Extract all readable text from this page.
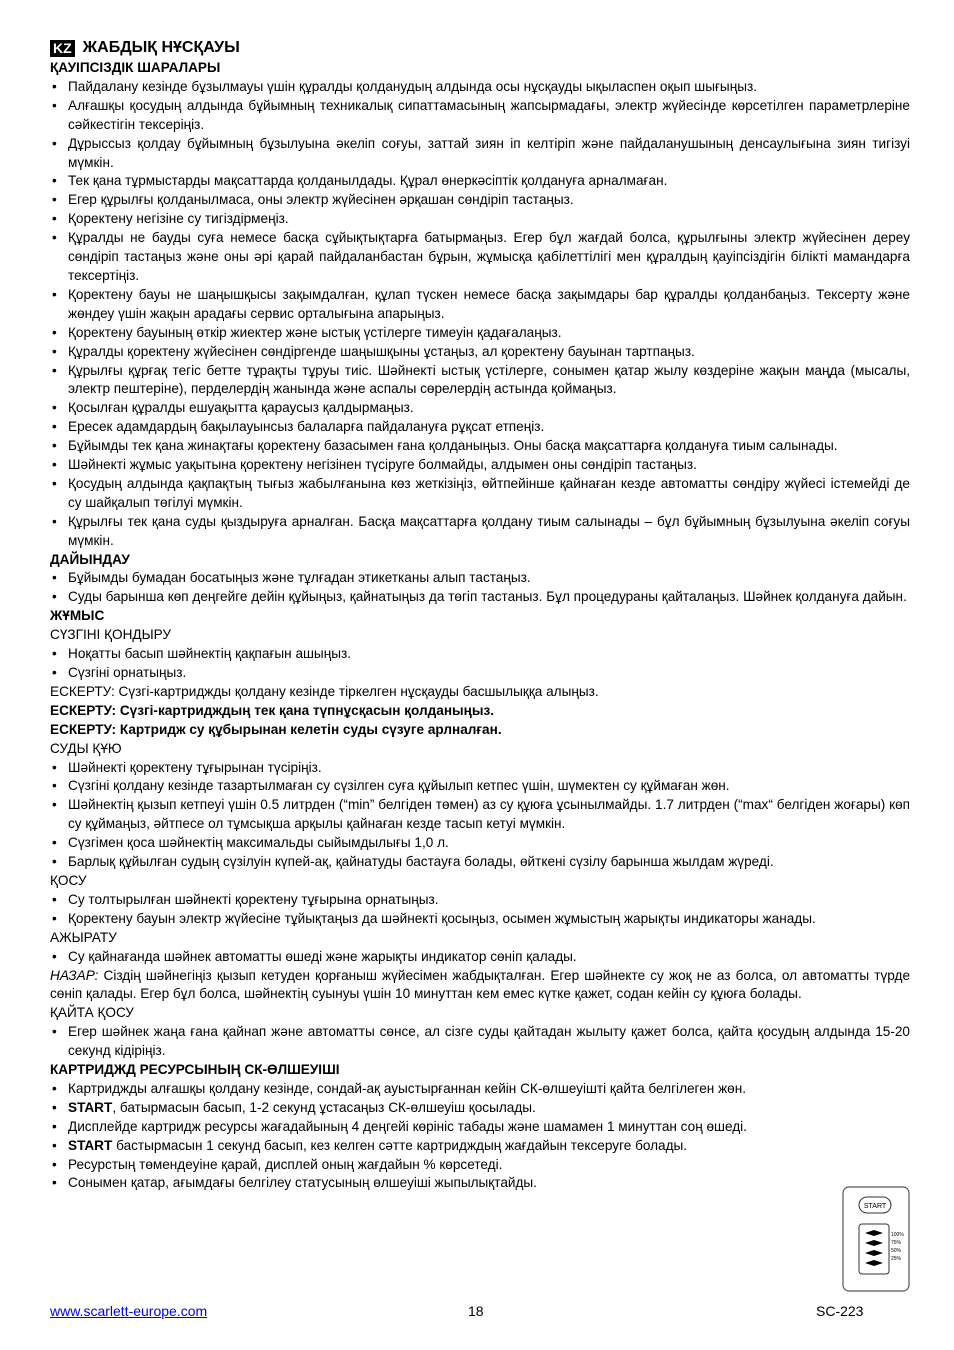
KZ ЖАБДЫҚ НҰСҚАУЫ
ҚАУІПСІЗДІК ШАРАЛАРЫ
• Пайдалану кезінде бұзылмауы үшін құралды қолданудың алдында осы нұсқауды ықыласпен оқып шығыңыз.
• Алғашқы қосудың алдында бұйымның техникалық сипаттамасының жапсырмадағы, электр жүйесінде көрсетілген параметрлеріне сәйкестігін тексеріңіз.
• Дұрыссыз қолдау бұйымның бұзылуына әкеліп соғуы, заттай зиян іп келтіріп және пайдаланушының денсаулығына зиян тигізуі мүмкін.
• Тек қана тұрмыстарды мақсаттарда қолданылдады. Құрал өнеркәсіптік қолдануға арналмаған.
• Егер құрылғы қолданылмаса, оны электр жүйесінен әрқашан сөндіріп тастаңыз.
• Қоректену негізіне су тигіздірмеңіз.
• Құралды не бауды суға немесе басқа сұйықтықтарға батырмаңыз. Егер бұл жағдай болса, құрылғыны электр жүйесінен дереу сөндіріп тастаңыз және оны әрі қарай пайдаланбастан бұрын, жұмысқа қабілеттілігі мен құралдың қауіпсіздігін білікті мамандарға тексертіңіз.
• Қоректену бауы не шаңышқысы зақымдалған, құлап түскен немесе басқа зақымдары бар құралды қолданбаңыз. Тексерту және жөндеу үшін жақын арадағы сервис орталығына апарыңыз.
• Қоректену бауының өткір жиектер және ыстық үстілерге тимеуін қадағалаңыз.
• Құралды қоректену жүйесінен сөндіргенде шаңышқыны ұстаңыз, ал қоректену бауынан тартпаңыз.
• Құрылғы құрғақ тегіс бетте тұрақты тұруы тиіс. Шәйнекті ыстық үстілерге, сонымен қатар жылу көздеріне жақын маңда (мысалы, электр пештеріне), перделердің жанында және аспалы сөрелердің астында қоймаңыз.
• Қосылған құралды ешуақытта қараусыз қалдырмаңыз.
• Ересек адамдардың бақылауынсыз балаларға пайдалануға рұқсат етпеңіз.
• Бұйымды тек қана жинақтағы қоректену базасымен ғана қолданыңыз. Оны басқа мақсаттарға қолдануға тиым салынады.
• Шәйнекті жұмыс уақытына қоректену негізінен түсіруге болмайды, алдымен оны сөндіріп тастаңыз.
• Қосудың алдында қақпақтың тығыз жабылғанына көз жеткізіңіз, өйтпейінше қайнаған кезде автоматты сөндіру жүйесі істемейді де су шайқалып төгілуі мүмкін.
• Құрылғы тек қана суды қыздыруға арналған. Басқа мақсаттарға қолдану тиым салынады – бұл бұйымның бұзылуына әкеліп соғуы мүмкін.
ДАЙЫНДАУ
• Бұйымды бумадан босатыңыз және тұлғадан этикетканы алып тастаңыз.
• Суды барынша көп деңгейге дейін құйыңыз, қайнатыңыз да төгіп тастаныз. Бұл процедураны қайталаңыз. Шәйнек қолдануға дайын.
ЖҰМЫС
СҮЗГІНІ ҚОНДЫРУ
• Ноқатты басып шәйнектің қақпағын ашыңыз.
• Сүзгіні орнатыңыз.

ЕСКЕРТУ: Сүзгі-картриджды қолдану кезінде тіркелген нұсқауды басшылыққа алыңыз.

ЕСКЕРТУ: Сүзгі-картридждың тек қана түпнұсқасын қолданыңыз.

ЕСКЕРТУ: Картридж су құбырынан келетін суды сүзуге арлналған.

СУДЫ ҚҰЮ
• Шәйнекті қоректену тұғырынан түсіріңіз.
• Сүзгіні қолдану кезінде тазартылмаған су сүзілген суға құйылып кетпес үшін, шүмектен су құймаған жөн.
• Шәйнектің қызып кетпеуі үшін 0.5 литрден (“min” белгіден төмен) аз су құюға ұсынылмайды. 1.7 литрден (“max“ белгіден жоғары) көп су құймаңыз, әйтпесе ол тұмсықша арқылы қайнаған кезде тасып кетуі мүмкін.
• Сүзгімен қоса шәйнектің максимальды сыйымдылығы 1,0 л.
• Барлық құйылған судың сүзілуін күпей-ақ, қайнатуды бастауға болады, өйткені сүзілу барынша жылдам жүреді.
ҚОСУ
• Су толтырылған шәйнекті қоректену тұғырына орнатыңыз.
• Қоректену бауын электр жүйесіне тұйықтаңыз да шәйнекті қосыңыз, осымен жұмыстың жарықты индикаторы жанады.
АЖЫРАТУ
• Су қайнағанда шәйнек автоматты өшеді және жарықты индикатор сөніп қалады.

НАЗАР: Сіздің шәйнегіңіз қызып кетуден қорғаныш жүйесімен жабдықталған. Егер шәйнекте су жоқ не аз болса, ол автоматты түрде сөніп қалады. Егер бұл болса, шәйнектің суынуы үшін 10 минуттан кем емес күтке қажет, содан кейін су құюға болады.

ҚАЙТА ҚОСУ
• Егер шәйнек жаңа ғана қайнап және автоматты сөнсе, ал сізге суды қайтадан жылыту қажет болса, қайта қосудың алдында 15-20 секунд кідіріңіз.
КАРТРИДЖД РЕСУРСЫНЫҢ СК-ӨЛШЕУІШІ
• Картриджды алғашқы қолдану кезінде, сондай-ақ ауыстырғаннан кейін СК-өлшеуішті қайта белгілеген жөн.
• START, батырмасын басып, 1-2 секунд ұстасаңыз СК-өлшеуіш қосылады.
• Дисплейде картридж ресурсы жағадайының 4 деңгейі көрініс табады және шамамен 1 минуттан соң өшеді.
• START бастырмасын 1 секунд басып, кез келген сәтте картридждың жағдайын тексеруге болады.
• Ресурстың төмендеуіне қарай, дисплей оның жағдайын % көрсетеді.
• Сонымен қатар, ағымдағы белгілеу статусының өлшеуіші жыпылықтайды.
START
100%
75%
50%
25%
www.scarlett-europe.com	18	SC-223
